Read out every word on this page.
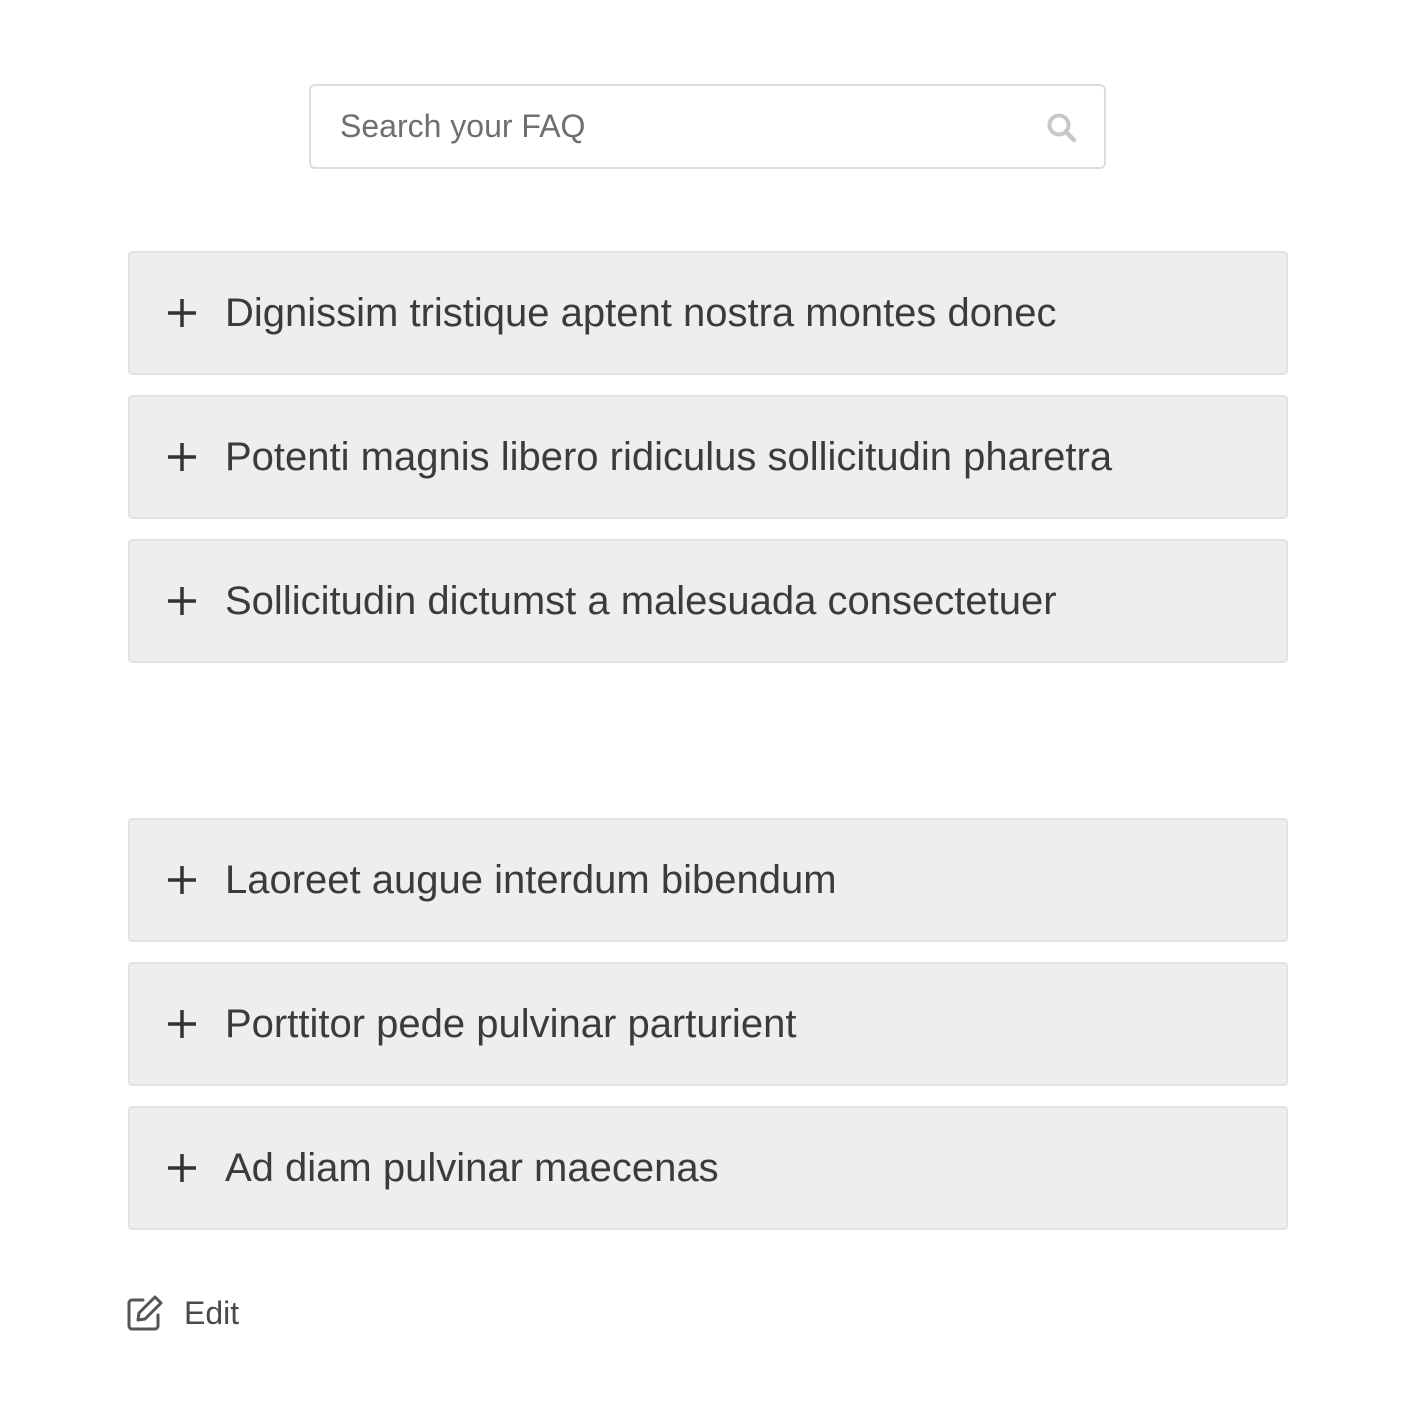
Search your FAQ
Dignissim tristique aptent nostra montes donec
Potenti magnis libero ridiculus sollicitudin pharetra
Sollicitudin dictumst a malesuada consectetuer
Laoreet augue interdum bibendum
Porttitor pede pulvinar parturient
Ad diam pulvinar maecenas
Edit
